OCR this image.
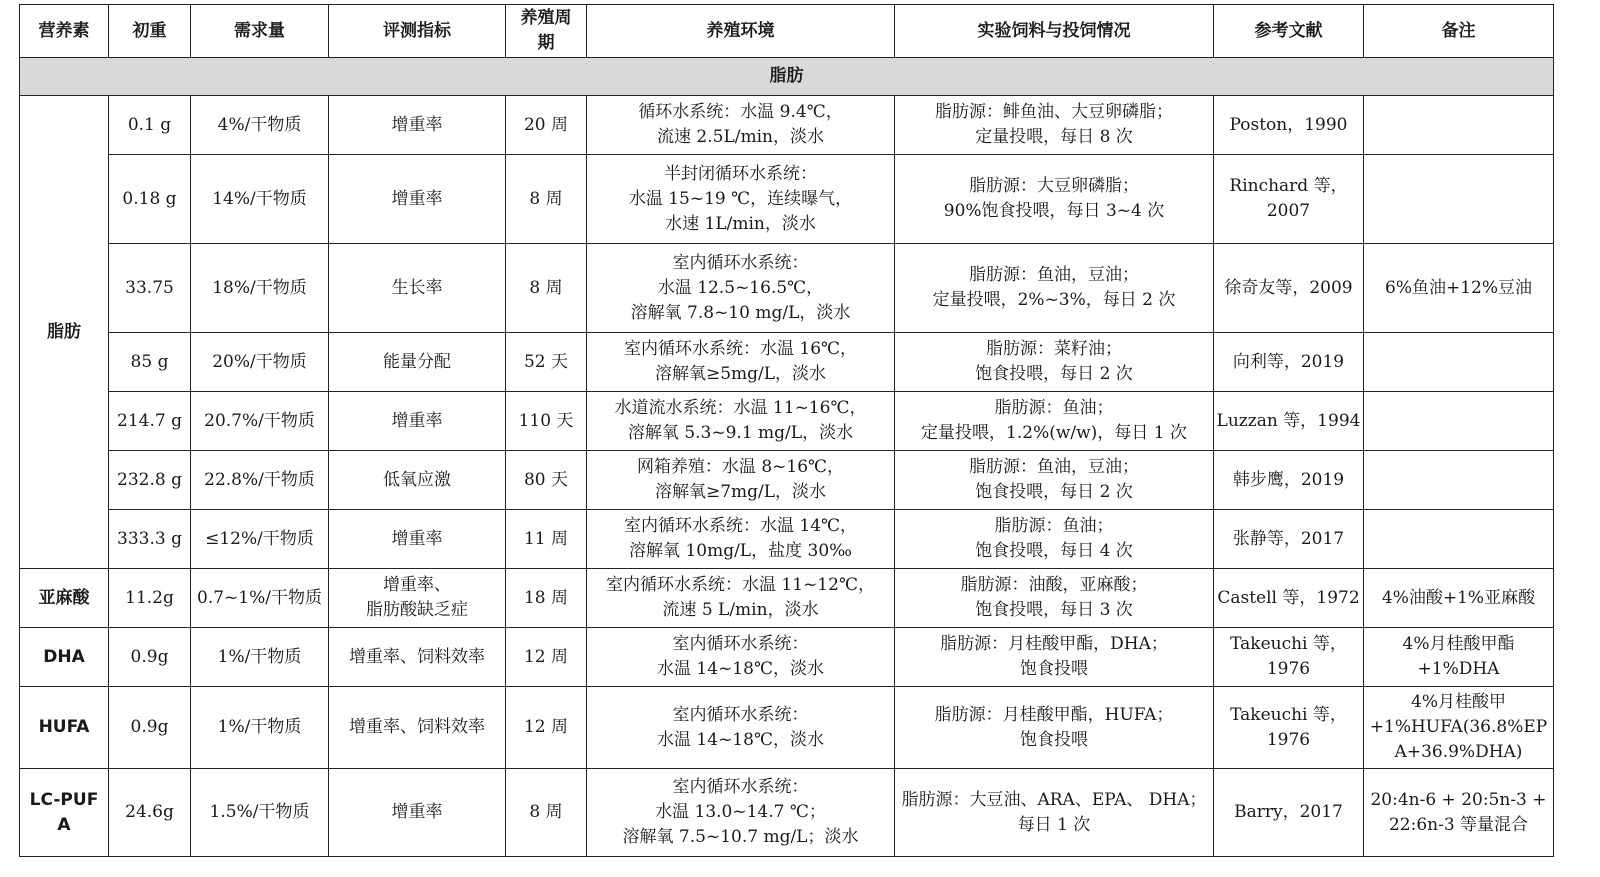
营养素	初重	需求量	评测指标	养殖周期	养殖环境	实验饲料与投饲情况	参考文献	备注
脂肪								
脂肪	0.1 g	4%/干物质	增重率	20 周	循环水系统：水温 9.4℃，
流速 2.5L/min，淡水	脂肪源：鲱鱼油、大豆卵磷脂；
定量投喂，每日 8 次	Poston，1990	

	0.18 g	14%/干物质	增重率	8 周	半封闭循环水系统：
水温 15~19 ℃，连续曝气，
水速 1L/min，淡水	脂肪源：大豆卵磷脂；
90%饱食投喂，每日 3~4 次	Rinchard 等，
2007	

	33.75	18%/干物质	生长率	8 周	室内循环水系统：
水温 12.5~16.5℃，
溶解氧 7.8~10 mg/L，淡水	脂肪源：鱼油，豆油；
定量投喂，2%~3%，每日 2 次	徐奇友等，2009	6%鱼油+12%豆油

	85 g	20%/干物质	能量分配	52 天	室内循环水系统：水温 16℃，
溶解氧≥5mg/L，淡水	脂肪源：菜籽油；
饱食投喂，每日 2 次	向利等，2019	

	214.7 g	20.7%/干物质	增重率	110 天	水道流水系统：水温 11~16℃，
溶解氧 5.3~9.1 mg/L，淡水	脂肪源：鱼油；
定量投喂，1.2%(w/w)，每日 1 次	Luzzan 等，1994	

	232.8 g	22.8%/干物质	低氧应激	80 天	网箱养殖：水温 8~16℃，
溶解氧≥7mg/L，淡水	脂肪源：鱼油，豆油；
饱食投喂，每日 2 次	韩步鹰，2019	

	333.3 g	≤12%/干物质	增重率	11 周	室内循环水系统：水温 14℃，
溶解氧 10mg/L，盐度 30‰	脂肪源：鱼油；
饱食投喂，每日 4 次	张静等，2017	

亚麻酸	11.2g	0.7~1%/干物质	增重率、
脂肪酸缺乏症	18 周	室内循环水系统：水温 11~12℃，
流速 5 L/min，淡水	脂肪源：油酸，亚麻酸；
饱食投喂，每日 3 次	Castell 等，1972	4%油酸+1%亚麻酸

DHA	0.9g	1%/干物质	增重率、饲料效率	12 周	室内循环水系统：
水温 14~18℃，淡水	脂肪源：月桂酸甲酯，DHA；
饱食投喂	Takeuchi 等，
1976	4%月桂酸甲酯
+1%DHA

HUFA	0.9g	1%/干物质	增重率、饲料效率	12 周	室内循环水系统：
水温 14~18℃，淡水	脂肪源：月桂酸甲酯，HUFA；
饱食投喂	Takeuchi 等，
1976	4%月桂酸甲
+1%HUFA(36.8%EP
A+36.9%DHA)

LC-PUF
A	24.6g	1.5%/干物质	增重率	8 周	室内循环水系统：
水温 13.0~14.7 ℃；
溶解氧 7.5~10.7 mg/L；淡水	脂肪源：大豆油、ARA、EPA、 DHA；
每日 1 次	Barry，2017	20:4n-6 + 20:5n-3 +
22:6n-3 等量混合
